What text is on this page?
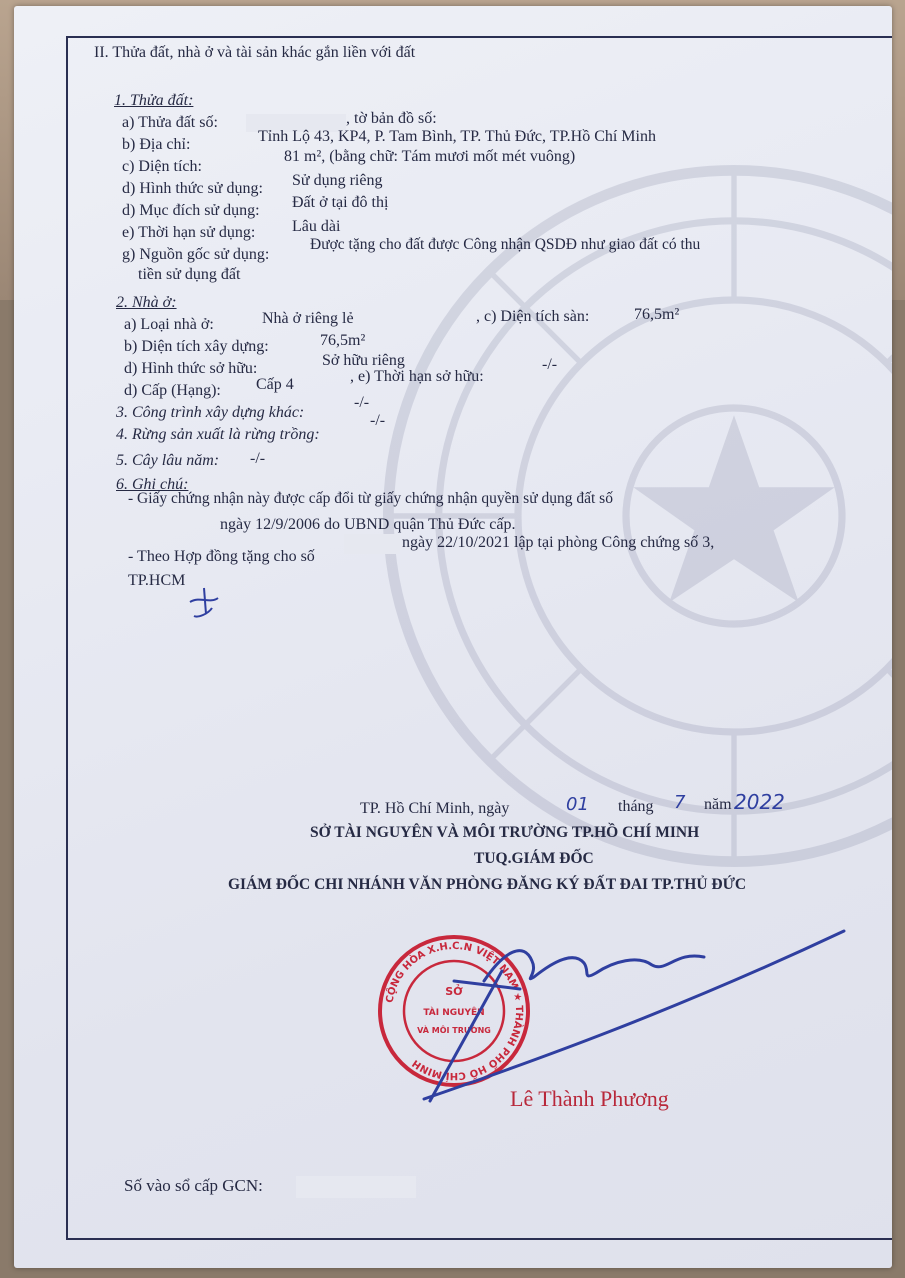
II. Thửa đất, nhà ở và tài sản khác gắn liền với đất
1. Thửa đất:
a) Thửa đất số:	, tờ bản đồ số:
b) Địa chỉ:	Tỉnh Lộ 43, KP4, P. Tam Bình, TP. Thủ Đức, TP.Hồ Chí Minh
c) Diện tích:
81 m², (bằng chữ: Tám mươi mốt mét vuông)
d) Hình thức sử dụng: Sử dụng riêng
d) Mục đích sử dụng: Đất ở tại đô thị
e) Thời hạn sử dụng: Lâu dài
g) Nguồn gốc sử dụng:
Được tặng cho đất được Công nhận QSDĐ như giao đất có thu
tiền sử dụng đất
2. Nhà ở:
a) Loại nhà ở:	Nhà ở riêng lẻ	, c) Diện tích sàn:	76,5m²
b) Diện tích xây dựng:	76,5m²
d) Hình thức sở hữu:	Sở hữu riêng
d) Cấp (Hạng): Cấp 4	, e) Thời hạn sở hữu:
-/-
3. Công trình xây dựng khác:
-/-
4. Rừng sản xuất là rừng trồng:
-/-
5. Cây lâu năm: -/-
6. Ghi chú:
- Giấy chứng nhận này được cấp đổi từ giấy chứng nhận quyền sử dụng đất số
ngày 12/9/2006 do UBND quận Thủ Đức cấp.
- Theo Hợp đồng tặng cho số
ngày 22/10/2021 lập tại phòng Công chứng số 3,
TP.HCM
TP. Hồ Chí Minh, ngày	01 tháng 7 năm 2022
SỞ TÀI NGUYÊN VÀ MÔI TRƯỜNG TP.HỒ CHÍ MINH
TUQ.GIÁM ĐỐC
GIÁM ĐỐC CHI NHÁNH VĂN PHÒNG ĐĂNG KÝ ĐẤT ĐAI TP.THỦ ĐỨC
CỘNG HÒA X.H.C.N VIỆT NAM ★ THÀNH PHỐ HỒ CHÍ MINH
SỞ
TÀI NGUYÊN
VÀ MÔI TRƯỜNG
Lê Thành Phương
Số vào sổ cấp GCN:
